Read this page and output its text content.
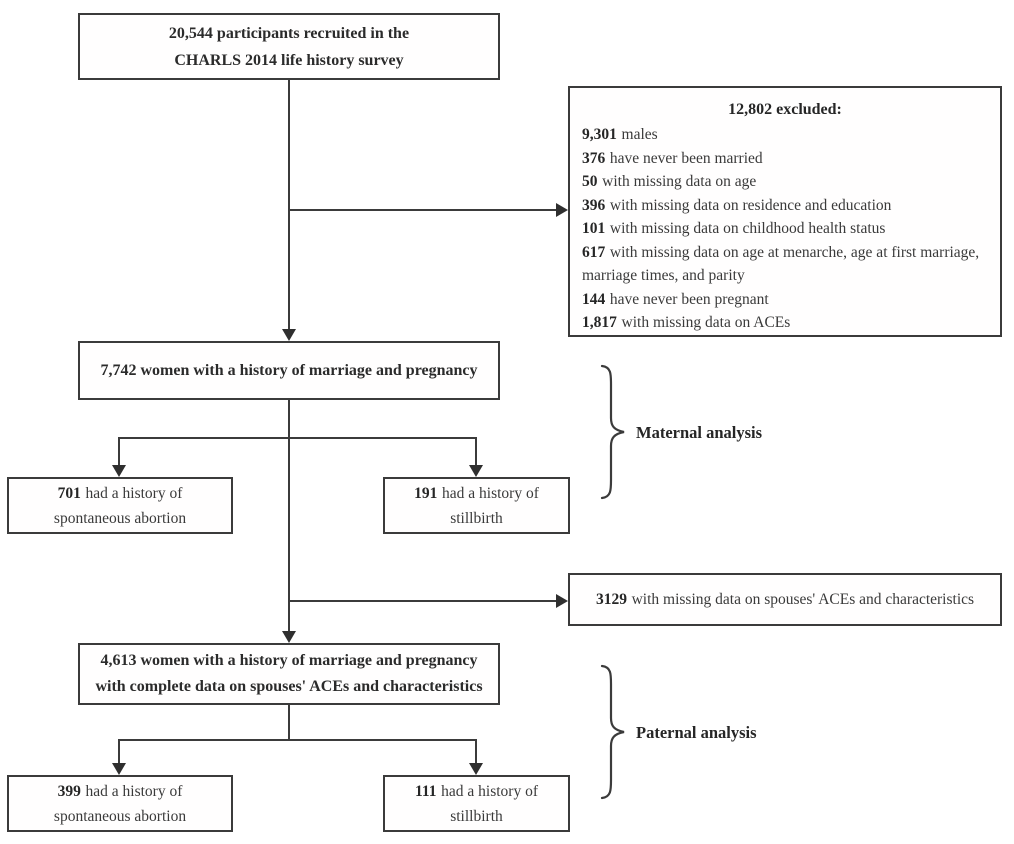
20,544 participants recruited in the
CHARLS 2014 life history survey
12,802 excluded:
9,301 males
376 have never been married
50 with missing data on age
396 with missing data on residence and education
101 with missing data on childhood health status
617 with missing data on age at menarche, age at first marriage, marriage times, and parity
144 have never been pregnant
1,817 with missing data on ACEs
7,742 women with a history of marriage and pregnancy
701 had a history of
spontaneous abortion
191 had a history of
stillbirth
3129 with missing data on spouses' ACEs and characteristics
4,613 women with a history of marriage and pregnancy
with complete data on spouses' ACEs and characteristics
399 had a history of
spontaneous abortion
111 had a history of
stillbirth
Maternal analysis
Paternal analysis
